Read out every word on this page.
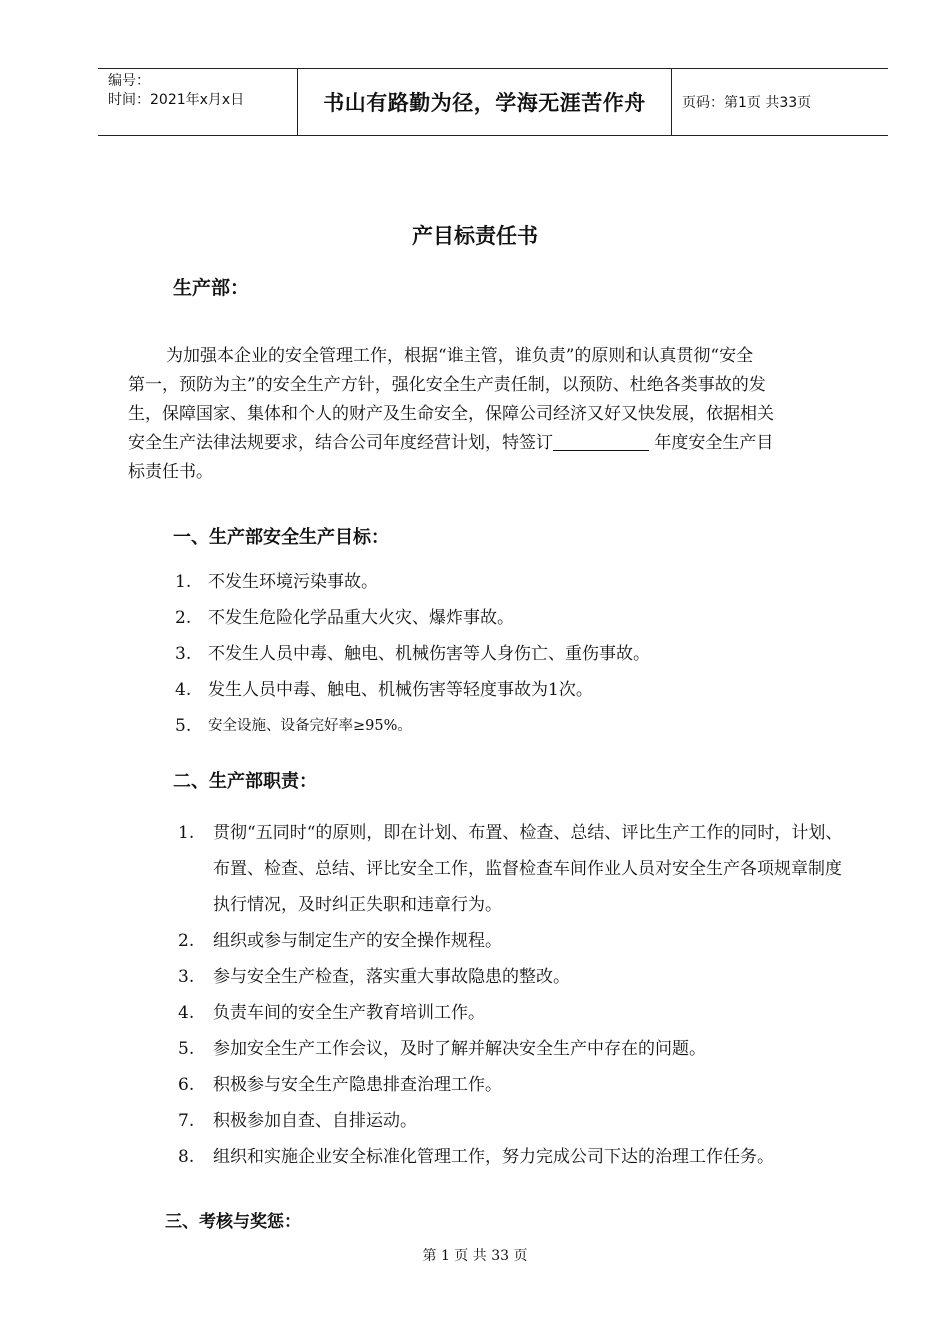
编号：
时间：2021年x月x日	书山有路勤为径，学海无涯苦作舟	页码：第1页 共33页
产目标责任书
生产部：
为加强本企业的安全管理工作，根据“谁主管，谁负责”的原则和认真贯彻“安全
第一，预防为主”的安全生产方针，强化安全生产责任制，以预防、杜绝各类事故的发
生，保障国家、集体和个人的财产及生命安全，保障公司经济又好又快发展，依据相关
安全生产法律法规要求，结合公司年度经营计划，特签订	年度安全生产目
标责任书。
一、生产部安全生产目标：
1. 不发生环境污染事故。
2. 不发生危险化学品重大火灾、爆炸事故。
3. 不发生人员中毒、触电、机械伤害等人身伤亡、重伤事故。
4. 发生人员中毒、触电、机械伤害等轻度事故为1次。
5.	安全设施、设备完好率≥95%。
二、生产部职责：
1.	贯彻“五同时“的原则，即在计划、布置、检查、总结、评比生产工作的同时，计划、布置、检查、总结、评比安全工作，监督检查车间作业人员对安全生产各项规章制度执行情况，及时纠正失职和违章行为。
2.	组织或参与制定生产的安全操作规程。
3.	参与安全生产检查，落实重大事故隐患的整改。
4.	负责车间的安全生产教育培训工作。
5.	参加安全生产工作会议，及时了解并解决安全生产中存在的问题。
6.	积极参与安全生产隐患排查治理工作。
7.	积极参加自查、自排运动。
8.	组织和实施企业安全标准化管理工作，努力完成公司下达的治理工作任务。
三、考核与奖惩：
第 1 页 共 33 页
